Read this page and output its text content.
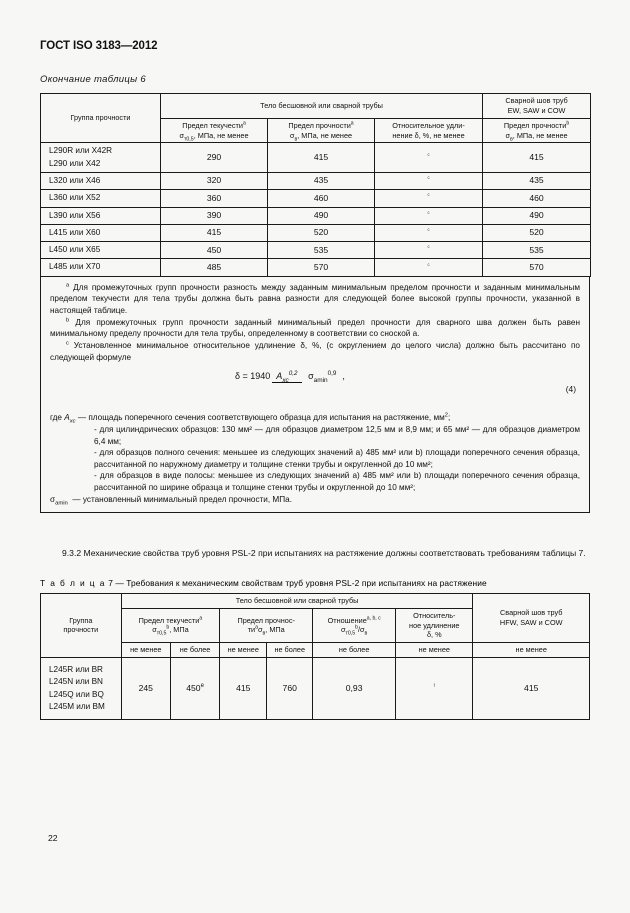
ГОСТ ISO 3183—2012
Окончание таблицы 6
Группа прочности	Тело бесшовной или сварной трубы			Сварной шов труб
EW, SAW и COW
	Предел текучести$^a$
$\sigma_{т0,5}$, МПа, не менее	Предел прочности$^a$
$\sigma_в$, МПа, не менее	Относительное удли-
нение δ, %, не менее	Предел прочности$^b$
$\sigma_в$, МПа, не менее
L290R или X42R
L290 или X42	290	415	$^c$	415
L320 или X46	320	435	$^c$	435
L360 или X52	360	460	$^c$	460
L390 или X56	390	490	$^c$	490
L415 или X60	415	520	$^c$	520
L450 или X65	450	535	$^c$	535
L485 или X70	485	570	$^c$	570

$^a$ Для промежуточных групп прочности разность между заданным минимальным пределом прочности и заданным минимальным пределом текучести для тела трубы должна быть равна разности для следующей более высокой группы прочности, указанной в настоящей таблице.

$^b$ Для промежуточных групп прочности заданный минимальный предел прочности для сварного шва должен быть равен минимальному пределу прочности для тела трубы, определенному в соответствии со сноской a.

$^c$ Установленное минимальное относительное удлинение δ, %, (с округлением до целого числа) должно быть рассчитано по следующей формуле

δ = 1940 $A_{xc}^{0,2}$ $\sigma_{amin}^{0,9}$ ,
(4)

где $A_{xc}$ — площадь поперечного сечения соответствующего образца для испытания на растяжение, мм$^2$;

- для цилиндрических образцов: 130 мм² — для образцов диаметром 12,5 мм и 8,9 мм; и 65 мм² — для образцов диаметром 6,4 мм;

- для образцов полного сечения: меньшее из следующих значений a) 485 мм² или b) площади поперечного сечения образца, рассчитанной по наружному диаметру и толщине стенки трубы и округленной до 10 мм²;

- для образцов в виде полосы: меньшее из следующих значений a) 485 мм² или b) площади поперечного сечения образца, рассчитанной по ширине образца и толщине стенки трубы и округленной до 10 мм²;

$\sigma_{amin}$ — установленный минимальный предел прочности, МПа.

9.3.2 Механические свойства труб уровня PSL-2 при испытаниях на растяжение должны соответствовать требованиям таблицы 7.

Т а б л и ц а 7 — Требования к механическим свойствам труб уровня PSL-2 при испытаниях на растяжение
Группа
прочности	Тело бесшовной или сварной трубы						Сварной шов труб
HFW, SAW и COW
	Предел текучести$^a$
$\sigma_{т0,5}^b$, МПа		Предел прочнос-
$ти^a\sigma_в$, МПа		Отношение$^{a, b, c}$
$\sigma_{т0,5}^b/\sigma_в$	Относитель-
ное удлинение
δ, %	
	не менее	не более	не менее	не более	не более	не менее	не менее
L245R или BR
L245N или BN
L245Q или BQ
L245M или BM	245	450e	415	760	0,93	$^f$	415
22
